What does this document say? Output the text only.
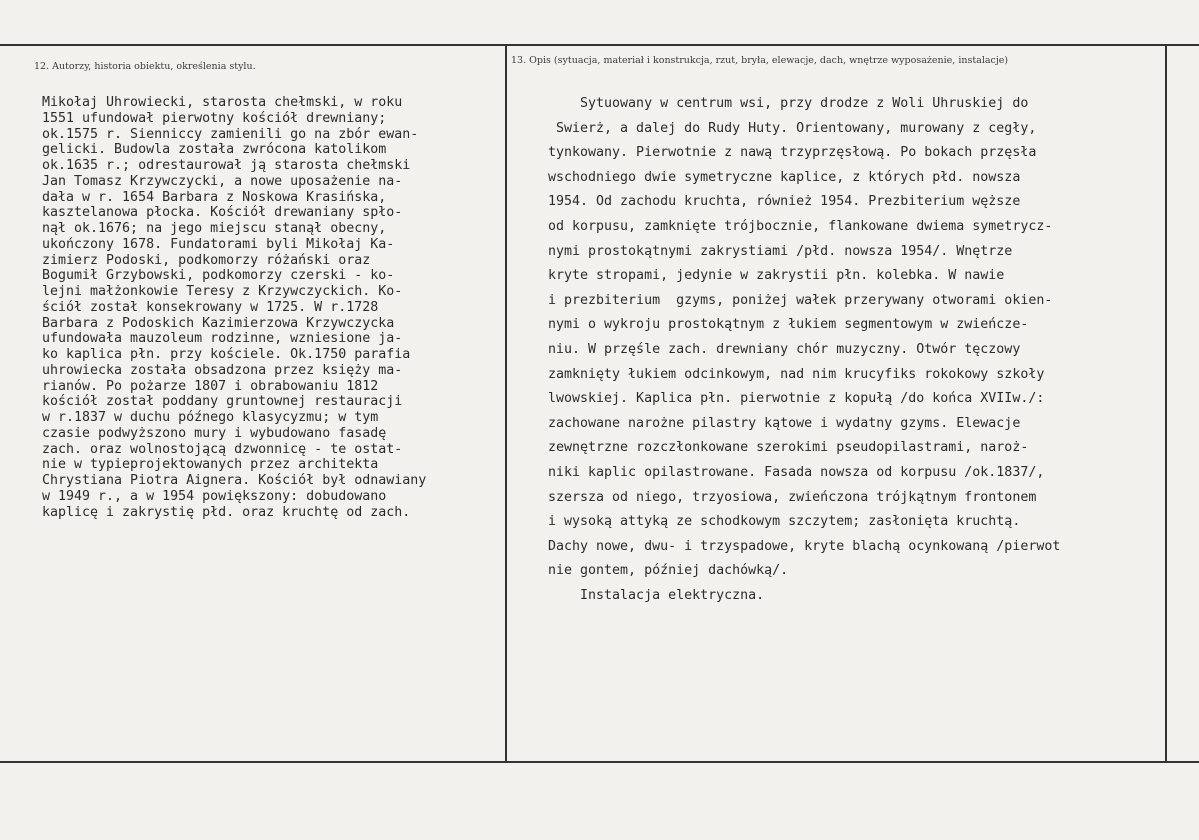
12. Autorzy, historia obiektu, określenia stylu.
13. Opis (sytuacja, materiał i konstrukcja, rzut, bryła, elewacje, dach, wnętrze wyposażenie, instalacje)
Mikołaj Uhrowiecki, starosta chełmski, w roku
1551 ufundował pierwotny kościół drewniany;
ok.1575 r. Sienniccy zamienili go na zbór ewan-
gelicki. Budowla została zwrócona katolikom
ok.1635 r.; odrestaurował ją starosta chełmski
Jan Tomasz Krzywczycki, a nowe uposażenie na-
dała w r. 1654 Barbara z Noskowa Krasińska,
kasztelanowa płocka. Kościół drewaniany spło-
nął ok.1676; na jego miejscu stanął obecny,
ukończony 1678. Fundatorami byli Mikołaj Ka-
zimierz Podoski, podkomorzy różański oraz
Bogumił Grzybowski, podkomorzy czerski - ko-
lejni małżonkowie Teresy z Krzywczyckich. Ko-
ściół został konsekrowany w 1725. W r.1728
Barbara z Podoskich Kazimierzowa Krzywczycka
ufundowała mauzoleum rodzinne, wzniesione ja-
ko kaplica płn. przy kościele. Ok.1750 parafia
uhrowiecka została obsadzona przez księży ma-
rianów. Po pożarze 1807 i obrabowaniu 1812
kościół został poddany gruntownej restauracji
w r.1837 w duchu późnego klasycyzmu; w tym
czasie podwyższono mury i wybudowano fasadę
zach. oraz wolnostojącą dzwonnicę - te ostat-
nie w typieprojektowanych przez architekta
Chrystiana Piotra Aignera. Kościół był odnawiany
w 1949 r., a w 1954 powiększony: dobudowano
kaplicę i zakrystię płd. oraz kruchtę od zach.
Sytuowany w centrum wsi, przy drodze z Woli Uhruskiej do
Swierż, a dalej do Rudy Huty. Orientowany, murowany z cegły,
tynkowany. Pierwotnie z nawą trzyprzęsłową. Po bokach przęsła
wschodniego dwie symetryczne kaplice, z których płd. nowsza
1954. Od zachodu kruchta, również 1954. Prezbiterium węższe
od korpusu, zamknięte trójbocznie, flankowane dwiema symetrycz-
nymi prostokątnymi zakrystiami /płd. nowsza 1954/. Wnętrze
kryte stropami, jedynie w zakrystii płn. kolebka. W nawie
i prezbiterium  gzyms, poniżej wałek przerywany otworami okien-
nymi o wykroju prostokątnym z łukiem segmentowym w zwieńcze-
niu. W przęśle zach. drewniany chór muzyczny. Otwór tęczowy
zamknięty łukiem odcinkowym, nad nim krucyfiks rokokowy szkoły
lwowskiej. Kaplica płn. pierwotnie z kopułą /do końca XVIIw./:
zachowane narożne pilastry kątowe i wydatny gzyms. Elewacje
zewnętrzne rozczłonkowane szerokimi pseudopilastrami, naroż-
niki kaplic opilastrowane. Fasada nowsza od korpusu /ok.1837/,
szersza od niego, trzyosiowa, zwieńczona trójkątnym frontonem
i wysoką attyką ze schodkowym szczytem; zasłonięta kruchtą.
Dachy nowe, dwu- i trzyspadowe, kryte blachą ocynkowaną /pierwot
nie gontem, później dachówką/.
Instalacja elektryczna.
